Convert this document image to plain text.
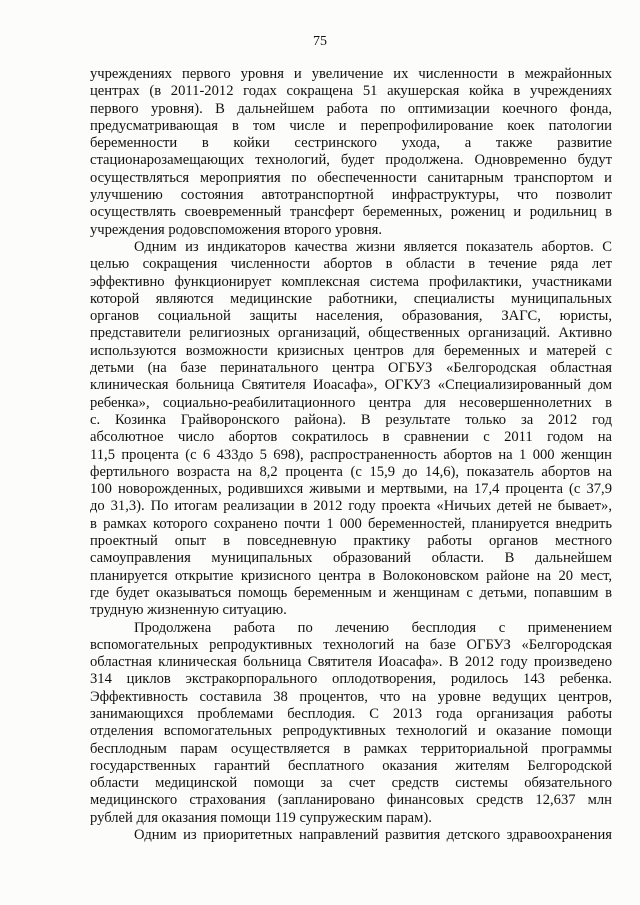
75

учреждениях первого уровня и увеличение их численности в межрайонных
центрах (в 2011-2012 годах сокращена 51 акушерская койка в учреждениях
первого уровня). В дальнейшем работа по оптимизации коечного фонда,
предусматривающая в том числе и перепрофилирование коек патологии
беременности в койки сестринского ухода, а также развитие
стационарозамещающих технологий, будет продолжена. Одновременно будут
осуществляться мероприятия по обеспеченности санитарным транспортом и
улучшению состояния автотранспортной инфраструктуры, что позволит
осуществлять своевременный трансферт беременных, рожениц и родильниц в
учреждения родовспоможения второго уровня.

Одним из индикаторов качества жизни является показатель абортов. С
целью сокращения численности абортов в области в течение ряда лет
эффективно функционирует комплексная система профилактики, участниками
которой являются медицинские работники, специалисты муниципальных
органов социальной защиты населения, образования, ЗАГС, юристы,
представители религиозных организаций, общественных организаций. Активно
используются возможности кризисных центров для беременных и матерей с
детьми (на базе перинатального центра ОГБУЗ «Белгородская областная
клиническая больница Святителя Иоасафа», ОГКУЗ «Специализированный дом
ребенка», социально-реабилитационного центра для несовершеннолетних в
с. Козинка Грайворонского района). В результате только за 2012 год
абсолютное число абортов сократилось в сравнении с 2011 годом на
11,5 процента (с 6 433до 5 698), распространенность абортов на 1 000 женщин
фертильного возраста на 8,2 процента (с 15,9 до 14,6), показатель абортов на
100 новорожденных, родившихся живыми и мертвыми, на 17,4 процента (с 37,9
до 31,3). По итогам реализации в 2012 году проекта «Ничьих детей не бывает»,
в рамках которого сохранено почти 1 000 беременностей, планируется внедрить
проектный опыт в повседневную практику работы органов местного
самоуправления муниципальных образований области. В дальнейшем
планируется открытие кризисного центра в Волоконовском районе на 20 мест,
где будет оказываться помощь беременным и женщинам с детьми, попавшим в
трудную жизненную ситуацию.

Продолжена работа по лечению бесплодия с применением
вспомогательных репродуктивных технологий на базе ОГБУЗ «Белгородская
областная клиническая больница Святителя Иоасафа». В 2012 году произведено
314 циклов экстракорпорального оплодотворения, родилось 143 ребенка.
Эффективность составила 38 процентов, что на уровне ведущих центров,
занимающихся проблемами бесплодия. С 2013 года организация работы
отделения вспомогательных репродуктивных технологий и оказание помощи
бесплодным парам осуществляется в рамках территориальной программы
государственных гарантий бесплатного оказания жителям Белгородской
области медицинской помощи за счет средств системы обязательного
медицинского страхования (запланировано финансовых средств 12,637 млн
рублей для оказания помощи 119 супружеским парам).

Одним из приоритетных направлений развития детского здравоохранения
